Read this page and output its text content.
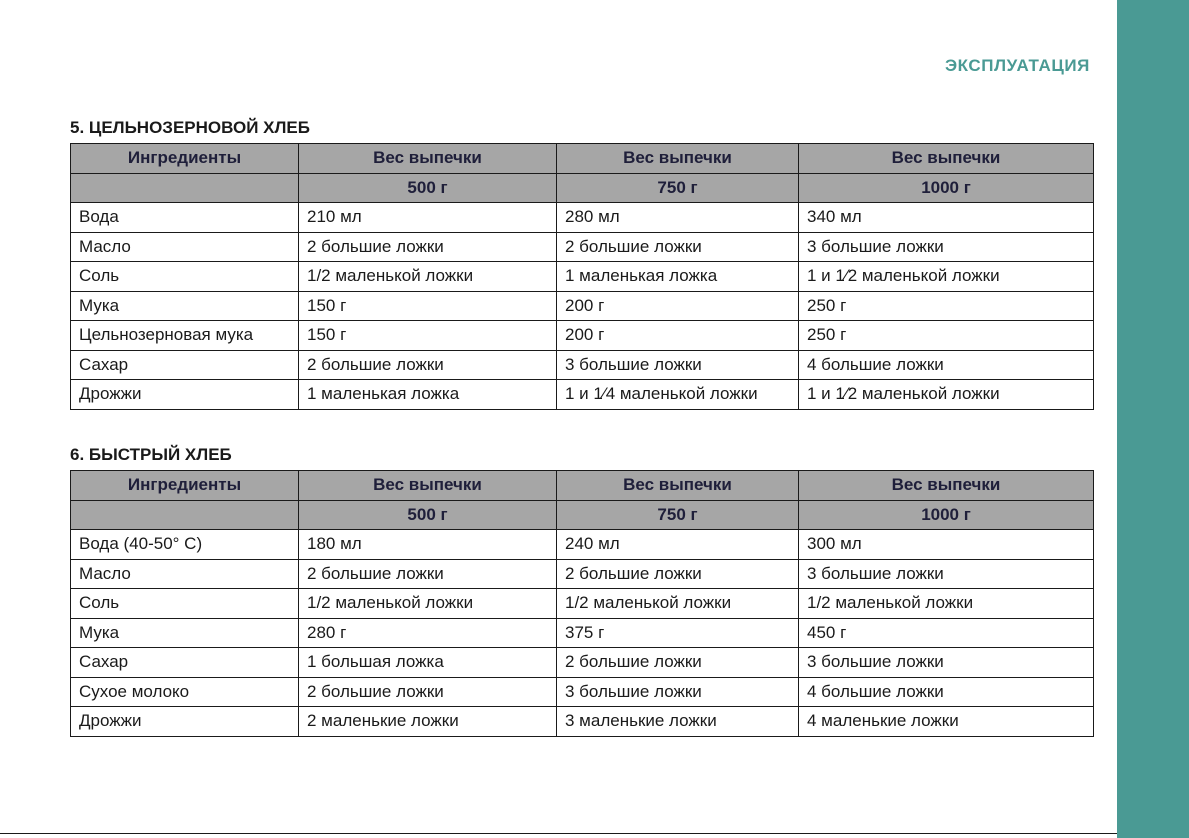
ЭКСПЛУАТАЦИЯ
5. ЦЕЛЬНОЗЕРНОВОЙ ХЛЕБ
Ингредиенты	Вес выпечки	Вес выпечки	Вес выпечки
	500 г	750 г	1000 г
Вода	210 мл	280 мл	340 мл
Масло	2 большие ложки	2 большие ложки	3 большие ложки
Соль	1/2 маленькой ложки	1 маленькая ложка	1 и 1⁄2 маленькой ложки
Мука	150 г	200 г	250 г
Цельнозерновая мука	150 г	200 г	250 г
Сахар	2 большие ложки	3 большие ложки	4 большие ложки
Дрожжи	1 маленькая ложка	1 и 1⁄4 маленькой ложки	1 и 1⁄2 маленькой ложки
6. БЫСТРЫЙ ХЛЕБ
Ингредиенты	Вес выпечки	Вес выпечки	Вес выпечки
	500 г	750 г	1000 г
Вода (40-50° C)	180 мл	240 мл	300 мл
Масло	2 большие ложки	2 большие ложки	3 большие ложки
Соль	1/2 маленькой ложки	1/2 маленькой ложки	1/2 маленькой ложки
Мука	280 г	375 г	450 г
Сахар	1 большая ложка	2 большие ложки	3 большие ложки
Сухое молоко	2 большие ложки	3 большие ложки	4 большие ложки
Дрожжи	2 маленькие ложки	3 маленькие ложки	4 маленькие ложки
